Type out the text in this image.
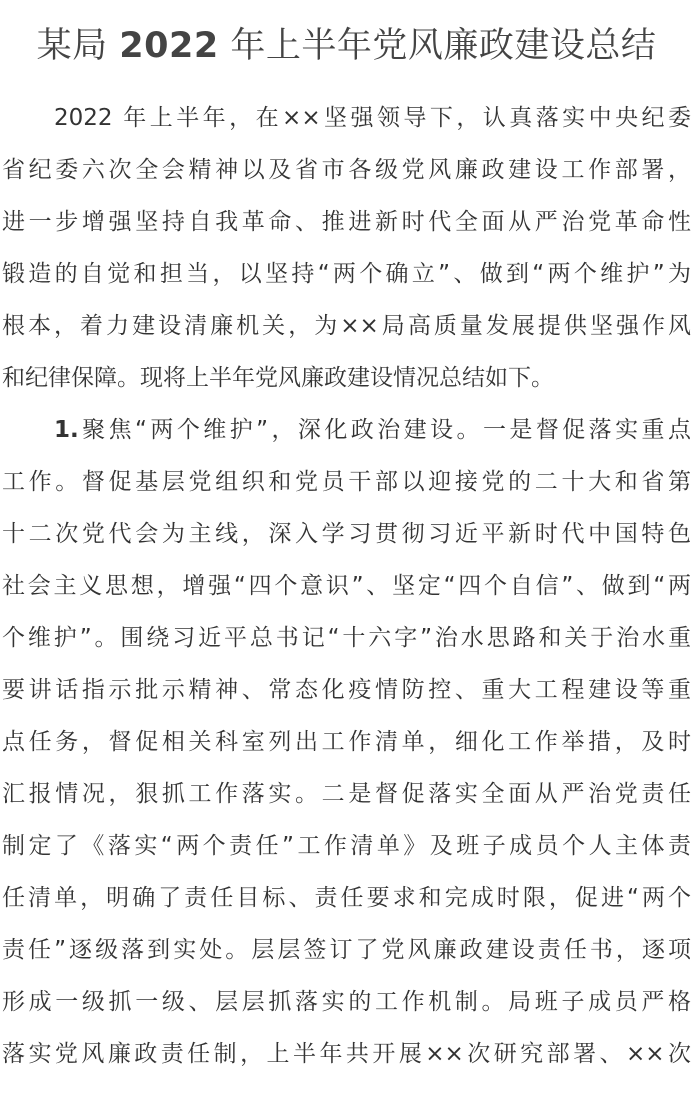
某局 2022 年上半年党风廉政建设总结
2022 年上半年，在××坚强领导下，认真落实中央纪委
省纪委六次全会精神以及省市各级党风廉政建设工作部署，
进一步增强坚持自我革命、推进新时代全面从严治党革命性
锻造的自觉和担当，以坚持“两个确立”、做到“两个维护”为
根本，着力建设清廉机关，为××局高质量发展提供坚强作风
和纪律保障。现将上半年党风廉政建设情况总结如下。
1.聚焦“两个维护”，深化政治建设。一是督促落实重点
工作。督促基层党组织和党员干部以迎接党的二十大和省第
十二次党代会为主线，深入学习贯彻习近平新时代中国特色
社会主义思想，增强“四个意识”、坚定“四个自信”、做到“两
个维护”。围绕习近平总书记“十六字”治水思路和关于治水重
要讲话指示批示精神、常态化疫情防控、重大工程建设等重
点任务，督促相关科室列出工作清单，细化工作举措，及时
汇报情况，狠抓工作落实。二是督促落实全面从严治党责任
制定了《落实“两个责任”工作清单》及班子成员个人主体责
任清单，明确了责任目标、责任要求和完成时限，促进“两个
责任”逐级落到实处。层层签订了党风廉政建设责任书，逐项
形成一级抓一级、层层抓落实的工作机制。局班子成员严格
落实党风廉政责任制，上半年共开展××次研究部署、××次
